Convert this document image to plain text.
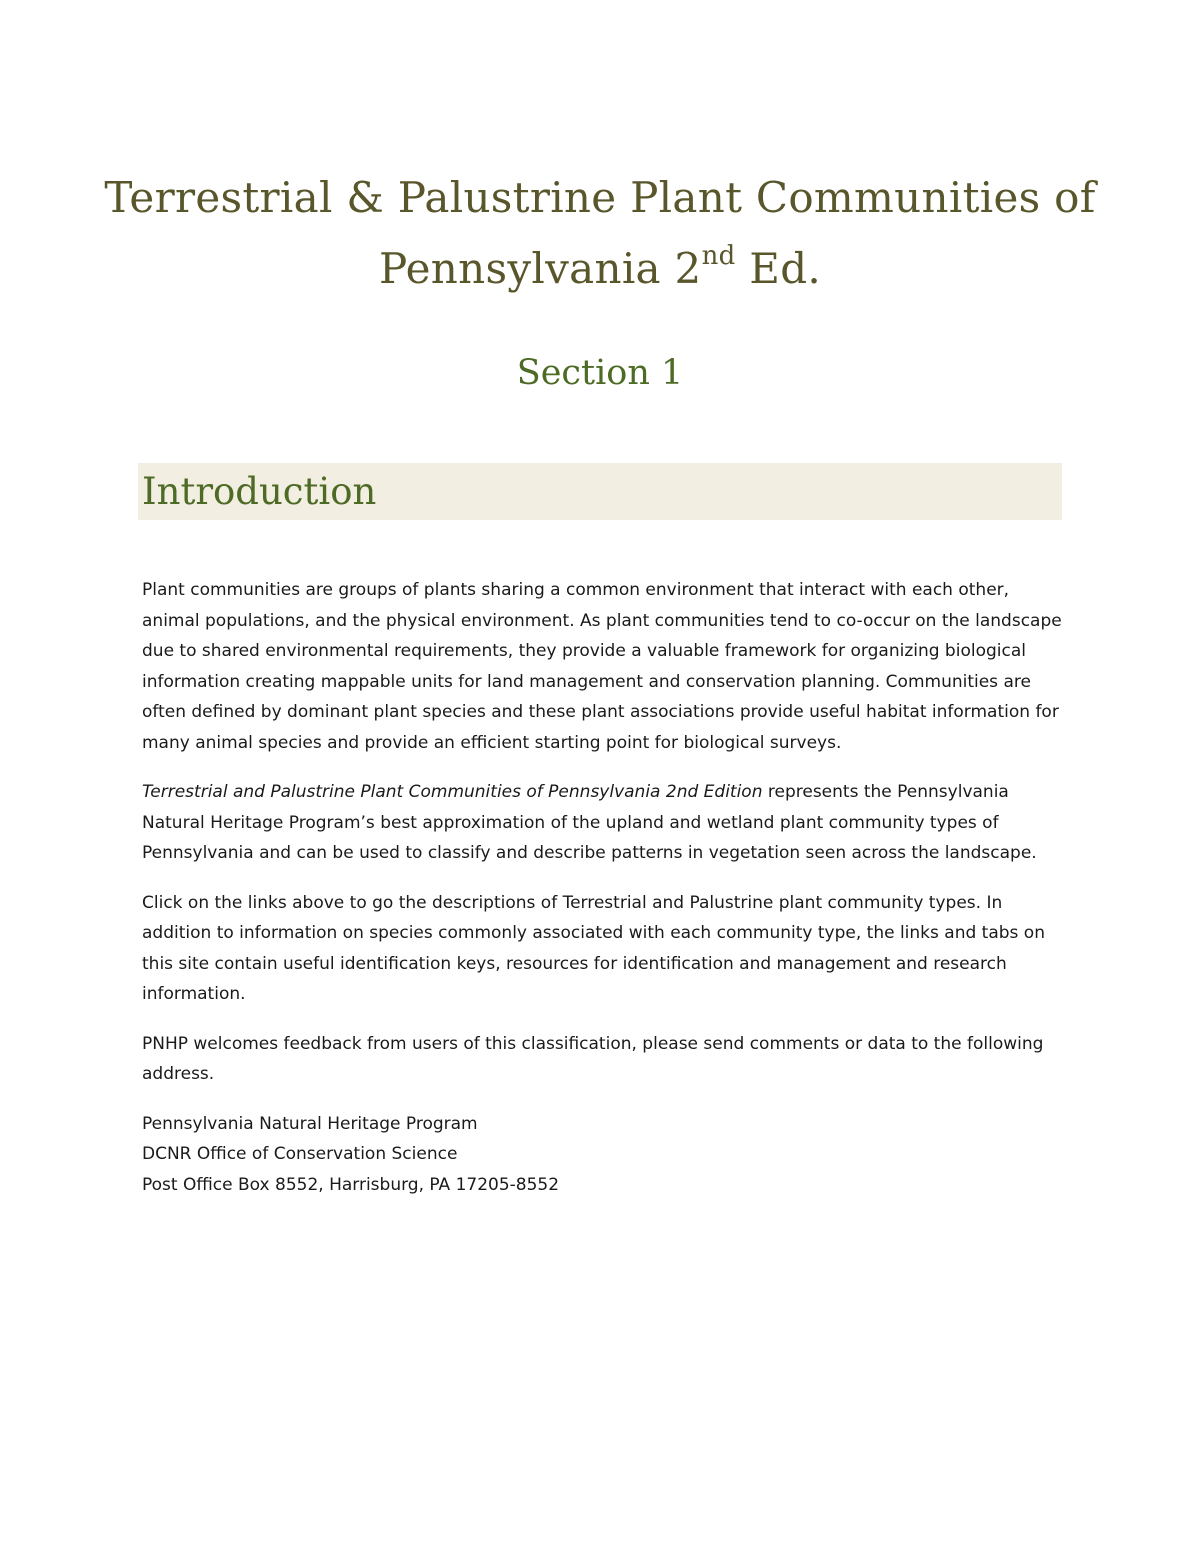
Terrestrial & Palustrine Plant Communities of
Pennsylvania 2nd Ed.
Section 1
Introduction

Plant communities are groups of plants sharing a common environment that interact with each other, animal populations, and the physical environment. As plant communities tend to co-occur on the landscape due to shared environmental requirements, they provide a valuable framework for organizing biological information creating mappable units for land management and conservation planning. Communities are often defined by dominant plant species and these plant associations provide useful habitat information for many animal species and provide an efficient starting point for biological surveys.

Terrestrial and Palustrine Plant Communities of Pennsylvania 2nd Edition represents the Pennsylvania Natural Heritage Program’s best approximation of the upland and wetland plant community types of Pennsylvania and can be used to classify and describe patterns in vegetation seen across the landscape.

Click on the links above to go the descriptions of Terrestrial and Palustrine plant community types. In addition to information on species commonly associated with each community type, the links and tabs on this site contain useful identification keys, resources for identification and management and research information.

PNHP welcomes feedback from users of this classification, please send comments or data to the following address.

Pennsylvania Natural Heritage Program
DCNR Office of Conservation Science
Post Office Box 8552, Harrisburg, PA 17205-8552
